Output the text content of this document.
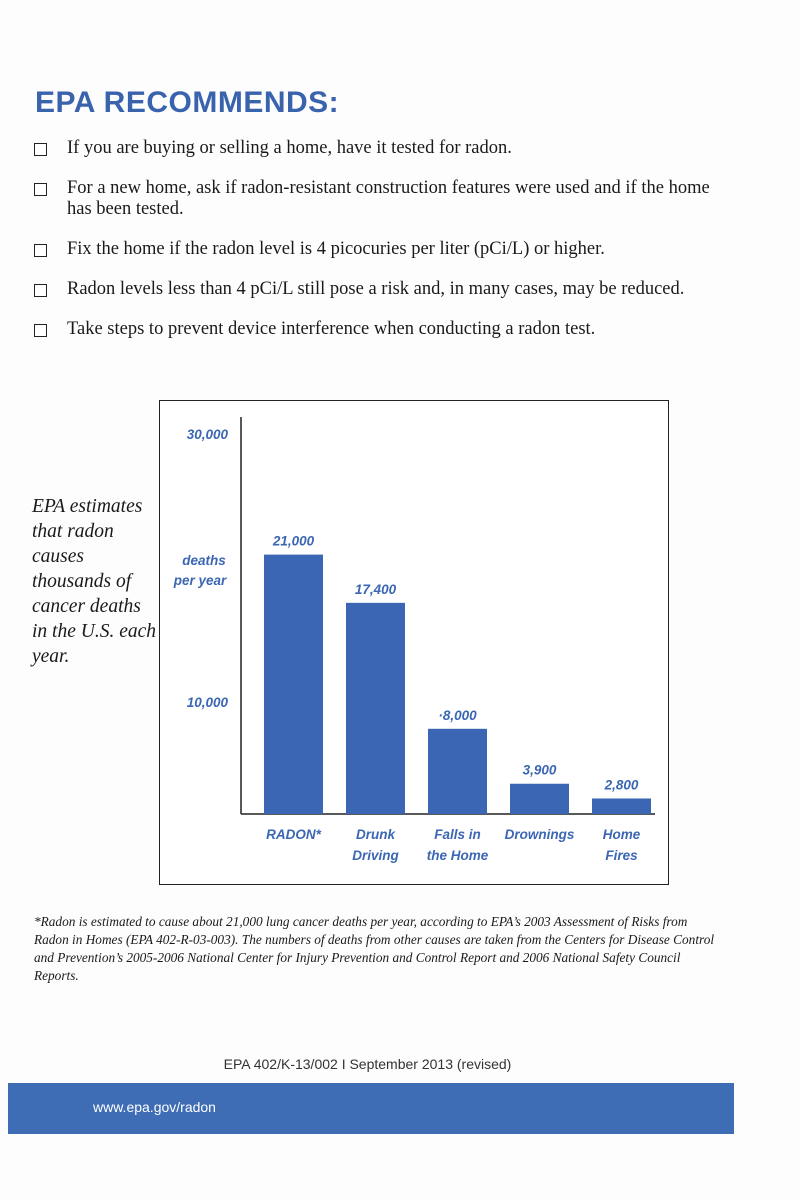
EPA RECOMMENDS:
If you are buying or selling a home, have it tested for radon.
For a new home, ask if radon-resistant construction features were used and if the home has been tested.
Fix the home if the radon level is 4 picocuries per liter (pCi/L) or higher.
Radon levels less than 4 pCi/L still pose a risk and, in many cases, may be reduced.
Take steps to prevent device interference when conducting a radon test.
EPA estimates that radon causes thousands of cancer deaths in the U.S. each year.
30,000
10,000
deaths
per year
21,000
RADON*
17,400
Drunk
Driving
·8,000
Falls in
the Home
3,900
Drownings
2,800
Home
Fires
*Radon is estimated to cause about 21,000 lung cancer deaths per year, according to EPA’s 2003 Assessment of Risks from Radon in Homes (EPA 402-R-03-003). The numbers of deaths from other causes are taken from the Centers for Disease Control and Prevention’s 2005-2006 National Center for Injury Prevention and Control Report and 2006 National Safety Council Reports.
EPA 402/K-13/002 I September 2013 (revised)
www.epa.gov/radon
